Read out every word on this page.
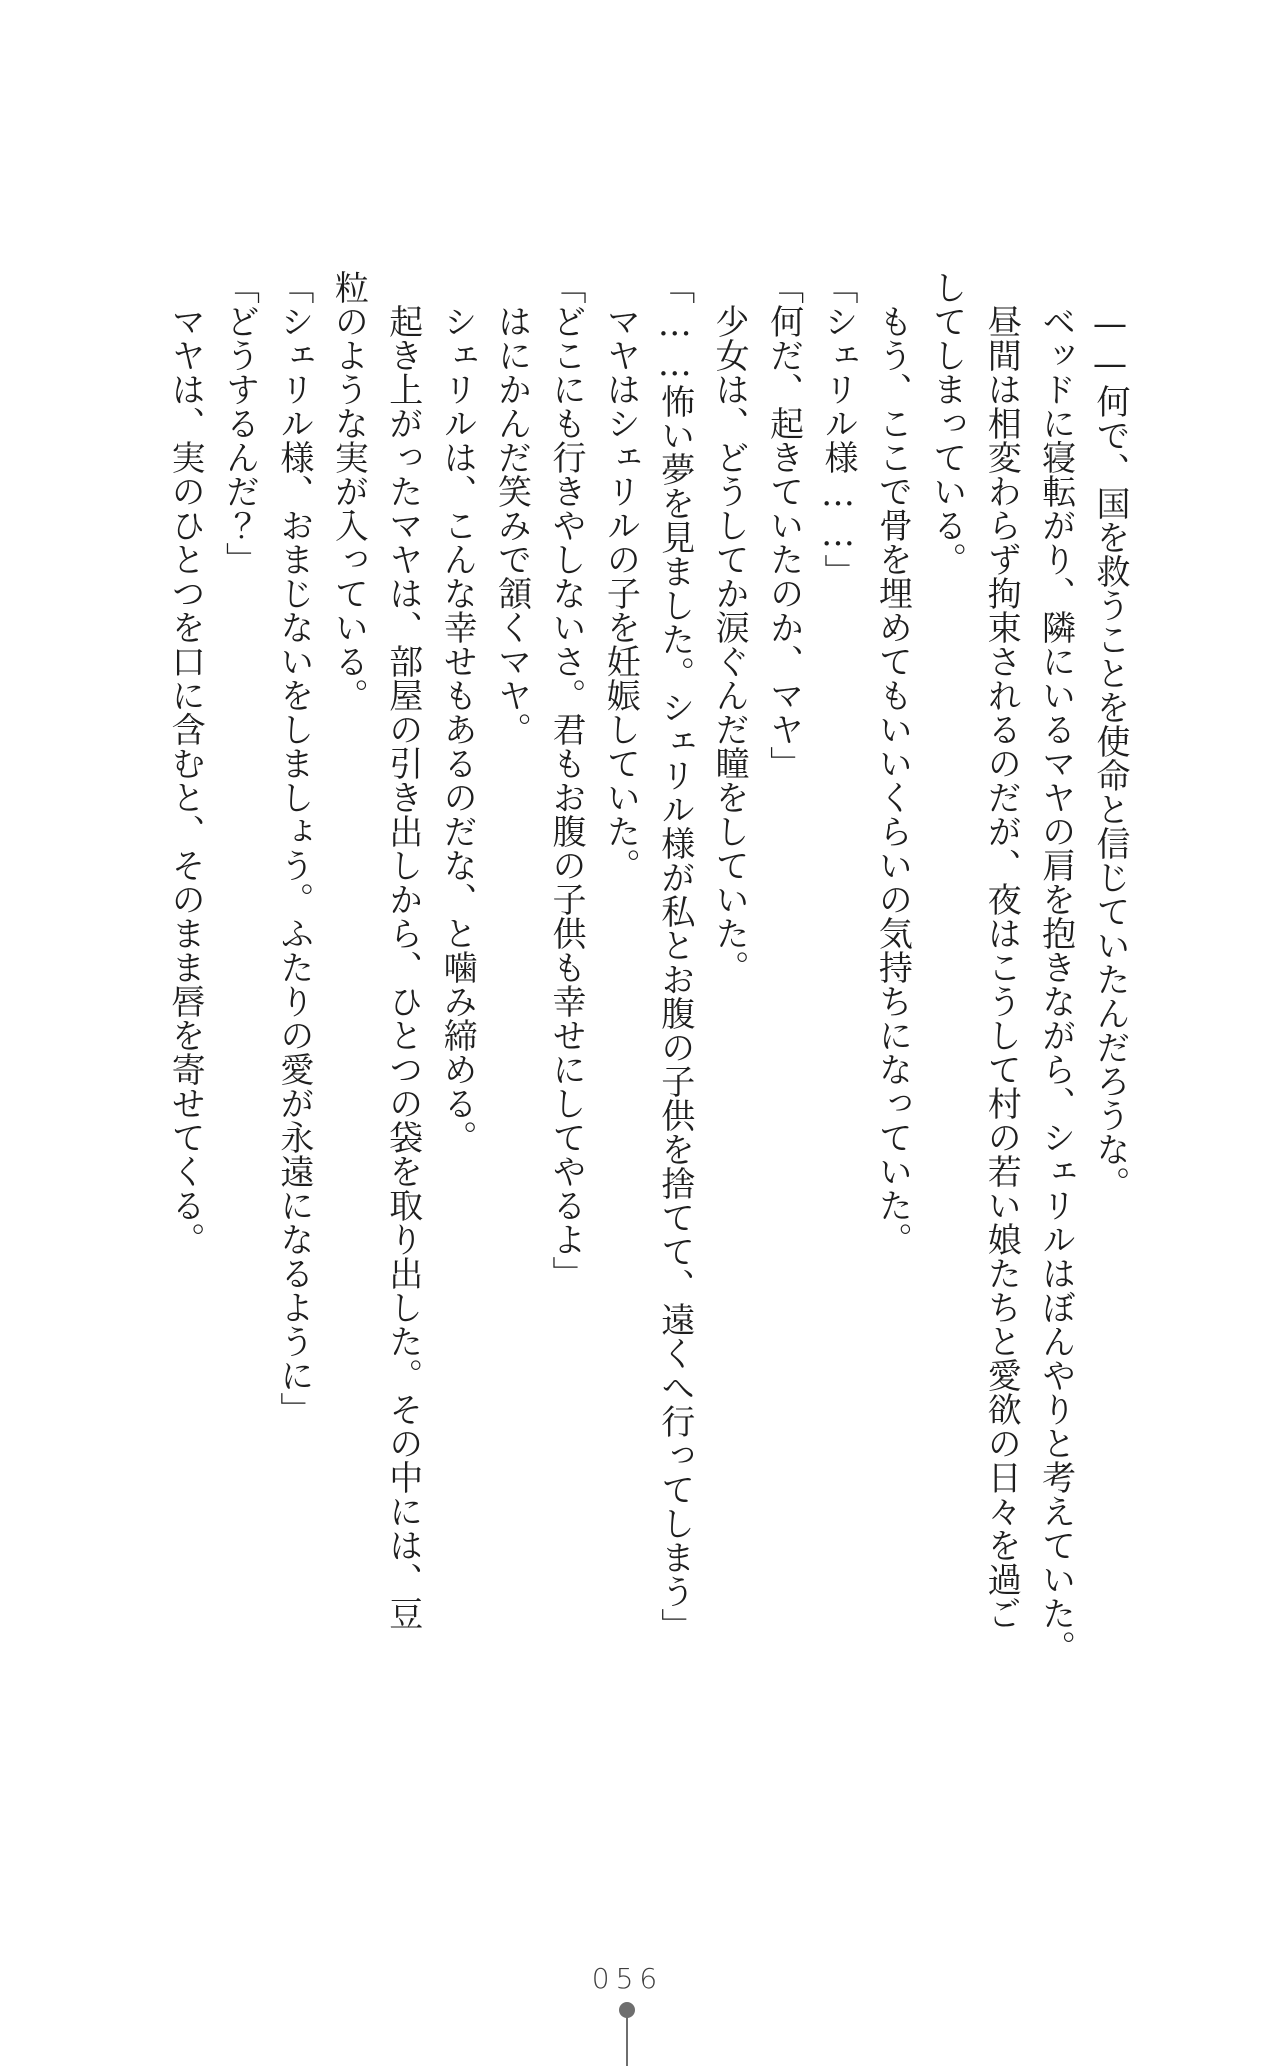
——何で、国を救うことを使命と信じていたんだろうな。

ベッドに寝転がり、隣にいるマヤの肩を抱きながら、シェリルはぼんやりと考えていた。

昼間は相変わらず拘束されるのだが、夜はこうして村の若い娘たちと愛欲の日々を過ご

してしまっている。

もう、ここで骨を埋めてもいいくらいの気持ちになっていた。

「シェリル様……」

「何だ、起きていたのか、マヤ」

少女は、どうしてか涙ぐんだ瞳をしていた。

「……怖い夢を見ました。シェリル様が私とお腹の子供を捨てて、遠くへ行ってしまう」

マヤはシェリルの子を妊娠していた。

「どこにも行きやしないさ。君もお腹の子供も幸せにしてやるよ」

はにかんだ笑みで頷くマヤ。

シェリルは、こんな幸せもあるのだな、と噛み締める。

起き上がったマヤは、部屋の引き出しから、ひとつの袋を取り出した。その中には、豆

粒のような実が入っている。

「シェリル様、おまじないをしましょう。ふたりの愛が永遠になるように」

「どうするんだ？」

マヤは、実のひとつを口に含むと、そのまま唇を寄せてくる。

056
